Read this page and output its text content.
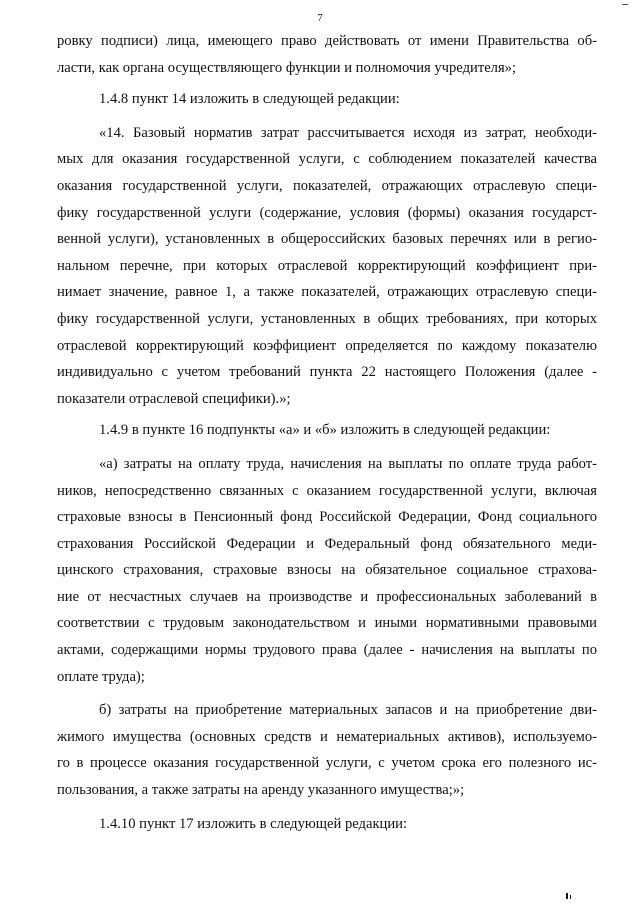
7
ровку подписи) лица, имеющего право действовать от имени Правительства об-
ласти, как органа осуществляющего функции и полномочия учредителя»;
1.4.8 пункт 14 изложить в следующей редакции:
«14. Базовый норматив затрат рассчитывается исходя из затрат, необходи-
мых для оказания государственной услуги, с соблюдением показателей качества
оказания государственной услуги, показателей, отражающих отраслевую специ-
фику государственной услуги (содержание, условия (формы) оказания государст-
венной услуги), установленных в общероссийских базовых перечнях или в регио-
нальном перечне, при которых отраслевой корректирующий коэффициент при-
нимает значение, равное 1, а также показателей, отражающих отраслевую специ-
фику государственной услуги, установленных в общих требованиях, при которых
отраслевой корректирующий коэффициент определяется по каждому показателю
индивидуально с учетом требований пункта 22 настоящего Положения (далее -
показатели отраслевой специфики).»;
1.4.9 в пункте 16 подпункты «а» и «б» изложить в следующей редакции:
«а) затраты на оплату труда, начисления на выплаты по оплате труда работ-
ников, непосредственно связанных с оказанием государственной услуги, включая
страховые взносы в Пенсионный фонд Российской Федерации, Фонд социального
страхования Российской Федерации и Федеральный фонд обязательного меди-
цинского страхования, страховые взносы на обязательное социальное страхова-
ние от несчастных случаев на производстве и профессиональных заболеваний в
соответствии с трудовым законодательством и иными нормативными правовыми
актами, содержащими нормы трудового права (далее - начисления на выплаты по
оплате труда);
б) затраты на приобретение материальных запасов и на приобретение дви-
жимого имущества (основных средств и нематериальных активов), используемо-
го в процессе оказания государственной услуги, с учетом срока его полезного ис-
пользования, а также затраты на аренду указанного имущества;»;
1.4.10 пункт 17 изложить в следующей редакции:
